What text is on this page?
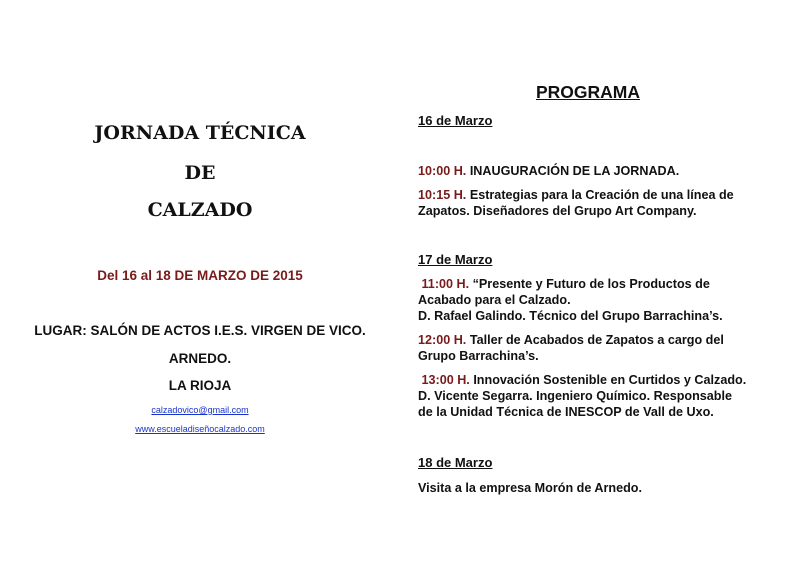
JORNADA TÉCNICA
DE
CALZADO
Del 16 al 18 DE MARZO DE 2015
LUGAR: SALÓN DE ACTOS I.E.S. VIRGEN DE VICO.
ARNEDO.
LA RIOJA
calzadovico@gmail.com
www.escueladiseñocalzado.com
PROGRAMA
16 de Marzo
10:00 H. INAUGURACIÓN DE LA JORNADA.
10:15 H. Estrategias para la Creación de una línea de
Zapatos. Diseñadores del Grupo Art Company.
17 de Marzo
11:00 H. “Presente y Futuro de los Productos de
Acabado para el Calzado.
D. Rafael Galindo. Técnico del Grupo Barrachina’s.
12:00 H. Taller de Acabados de Zapatos a cargo del
Grupo Barrachina’s.
13:00 H. Innovación Sostenible en Curtidos y Calzado.
D. Vicente Segarra. Ingeniero Químico. Responsable
de la Unidad Técnica de INESCOP de Vall de Uxo.
18 de Marzo
Visita a la empresa Morón de Arnedo.
